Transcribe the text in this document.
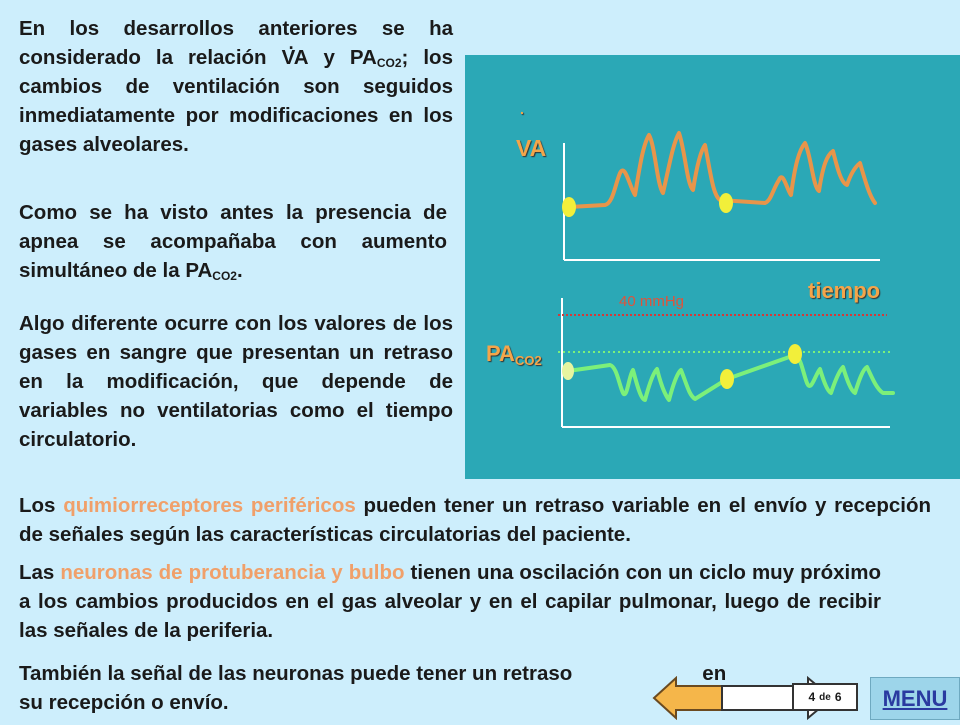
En los desarrollos anteriores se ha considerado la relación . VA y $PA_{CO2}$; los cambios de ventilación son seguidos inmediatamente por modificaciones en los gases alveolares.

Como se ha visto antes la presencia de apnea se acompañaba con aumento simultáneo de la $PA_{CO2}$.

Algo diferente ocurre con los valores de los gases en sangre que presentan un retraso en la modificación, que depende de variables no ventilatorias como el tiempo circulatorio.

Los quimiorreceptores periféricos pueden tener un retraso variable en el envío y recepción de señales según las características circulatorias del paciente.

Las neuronas de protuberancia y bulbo tienen una oscilación con un ciclo muy próximo a los cambios producidos en el gas alveolar y en el capilar pulmonar, luego de recibir las señales de la periferia.

También la señal de las neuronas puede tener un retraso	en
su recepción o envío.

.
VA
tiempo
$PA_{CO2}$
40 mmHg
4 de 6	MENU
